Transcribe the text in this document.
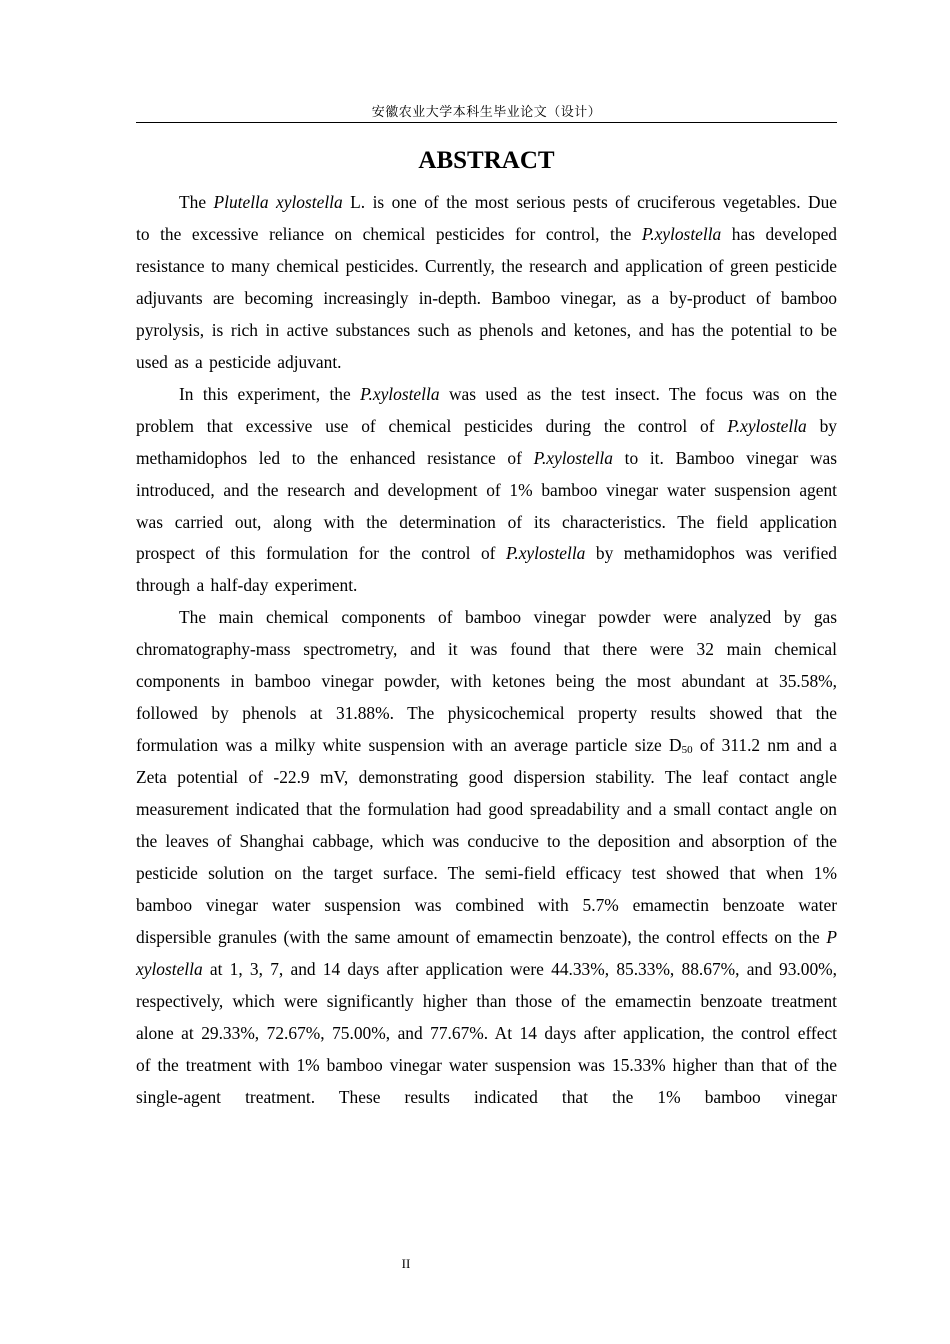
安徽农业大学本科生毕业论文（设计）
ABSTRACT

The Plutella xylostella L. is one of the most serious pests of cruciferous vegetables. Due to the excessive reliance on chemical pesticides for control, the P.xylostella has developed resistance to many chemical pesticides. Currently, the research and application of green pesticide adjuvants are becoming increasingly in-depth. Bamboo vinegar, as a by-product of bamboo pyrolysis, is rich in active substances such as phenols and ketones, and has the potential to be used as a pesticide adjuvant.

In this experiment, the P.xylostella was used as the test insect. The focus was on the problem that excessive use of chemical pesticides during the control of P.xylostella by methamidophos led to the enhanced resistance of P.xylostella to it. Bamboo vinegar was introduced, and the research and development of 1% bamboo vinegar water suspension agent was carried out, along with the determination of its characteristics. The field application prospect of this formulation for the control of P.xylostella by methamidophos was verified through a half-day experiment.

The main chemical components of bamboo vinegar powder were analyzed by gas chromatography-mass spectrometry, and it was found that there were 32 main chemical components in bamboo vinegar powder, with ketones being the most abundant at 35.58%, followed by phenols at 31.88%. The physicochemical property results showed that the formulation was a milky white suspension with an average particle size $D_{50}$ of 311.2 nm and a Zeta potential of -22.9 mV, demonstrating good dispersion stability. The leaf contact angle measurement indicated that the formulation had good spreadability and a small contact angle on the leaves of Shanghai cabbage, which was conducive to the deposition and absorption of the pesticide solution on the target surface. The semi-field efficacy test showed that when 1% bamboo vinegar water suspension was combined with 5.7% emamectin benzoate water dispersible granules (with the same amount of emamectin benzoate), the control effects on the P xylostella at 1, 3, 7, and 14 days after application were 44.33%, 85.33%, 88.67%, and 93.00%, respectively, which were significantly higher than those of the emamectin benzoate treatment alone at 29.33%, 72.67%, 75.00%, and 77.67%. At 14 days after application, the control effect of the treatment with 1% bamboo vinegar water suspension was 15.33% higher than that of the single-agent treatment. These results indicated that the 1% bamboo vinegar

II
